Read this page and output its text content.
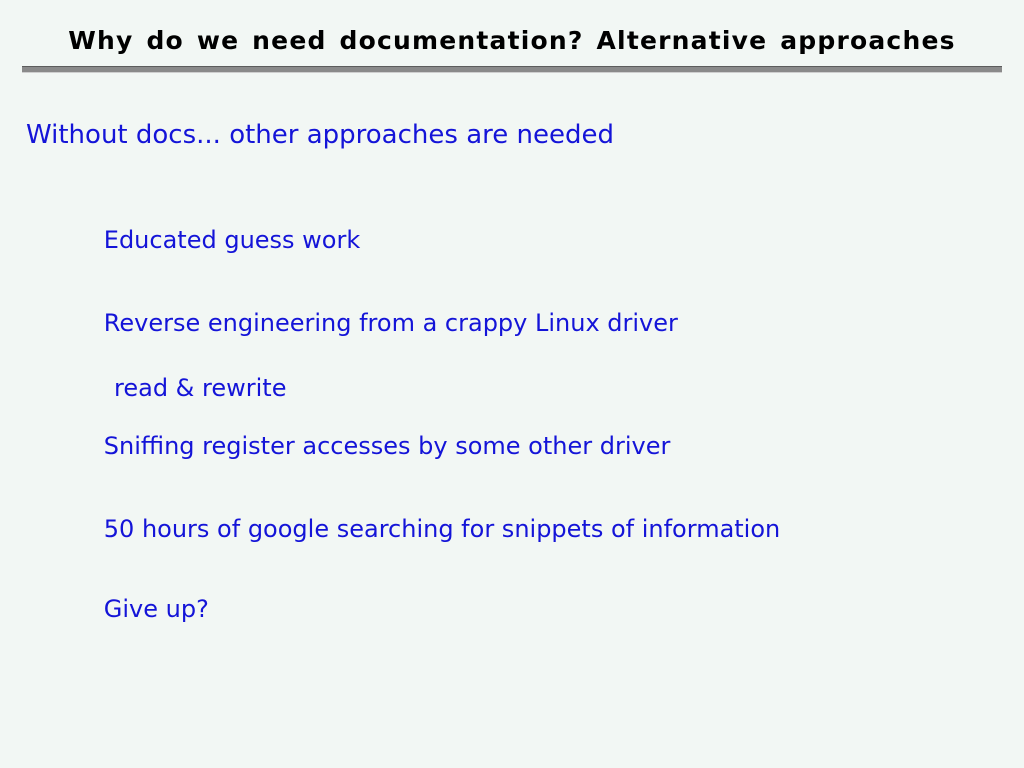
Why do we need documentation? Alternative approaches
Without docs... other approaches are needed

Educated guess work

Reverse engineering from a crappy Linux driver

read & rewrite

Sniffing register accesses by some other driver

50 hours of google searching for snippets of information

Give up?
